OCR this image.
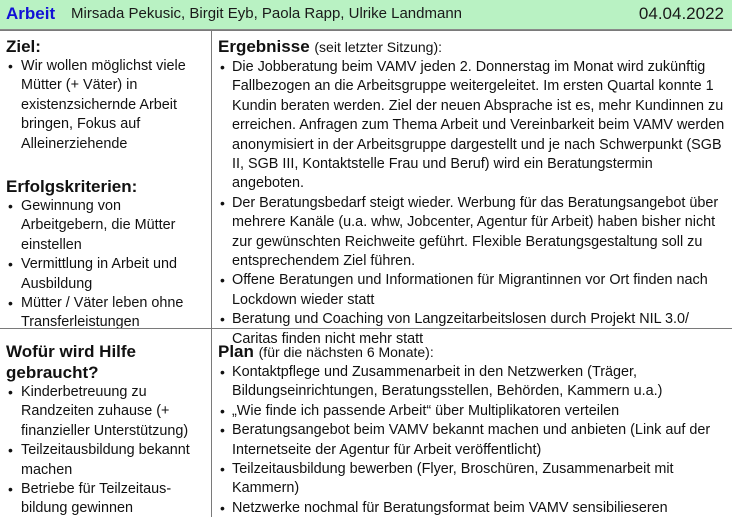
Arbeit Mirsada Pekusic, Birgit Eyb, Paola Rapp, Ulrike Landmann	04.04.2022

Ziel:

• Wir wollen möglichst viele Mütter (+ Väter) in existenzsichernde Arbeit bringen, Fokus auf Alleinerziehende

Erfolgskriterien:

• Gewinnung von Arbeitgebern, die Mütter einstellen
• Vermittlung in Arbeit und Ausbildung
• Mütter / Väter leben ohne Transferleistungen

Ergebnisse (seit letzter Sitzung):

• Die Jobberatung beim VAMV jeden 2. Donnerstag im Monat wird zukünftig Fallbezogen an die Arbeitsgruppe weitergeleitet. Im ersten Quartal konnte 1 Kundin beraten werden. Ziel der neuen Absprache ist es, mehr Kundinnen zu erreichen. Anfragen zum Thema Arbeit und Vereinbarkeit beim VAMV werden anonymisiert in der Arbeitsgruppe dargestellt und je nach Schwerpunkt (SGB II, SGB III, Kontaktstelle Frau und Beruf) wird ein Beratungstermin angeboten.
• Der Beratungsbedarf steigt wieder. Werbung für das Beratungsangebot über mehrere Kanäle (u.a. whw, Jobcenter, Agentur für Arbeit) haben bisher nicht zur gewünschten Reichweite geführt. Flexible Beratungsgestaltung soll zu entsprechendem Ziel führen.
• Offene Beratungen und Informationen für Migrantinnen vor Ort finden nach Lockdown wieder statt
• Beratung und Coaching von Langzeitarbeitslosen durch Projekt NIL 3.0/ Caritas finden nicht mehr statt

Wofür wird Hilfe gebraucht?

• Kinderbetreuung zu Randzeiten zuhause (+ finanzieller Unterstützung)
• Teilzeitausbildung bekannt machen
• Betriebe für Teilzeitaus-bildung gewinnen

Plan (für die nächsten 6 Monate):

• Kontaktpflege und Zusammenarbeit in den Netzwerken (Träger, Bildungseinrichtungen, Beratungsstellen, Behörden, Kammern u.a.)
• „Wie finde ich passende Arbeit“ über Multiplikatoren verteilen
• Beratungsangebot beim VAMV bekannt machen und anbieten (Link auf der Internetseite der Agentur für Arbeit veröffentlicht)
• Teilzeitausbildung bewerben (Flyer, Broschüren, Zusammenarbeit mit Kammern)
• Netzwerke nochmal für Beratungsformat beim VAMV sensibilieseren
